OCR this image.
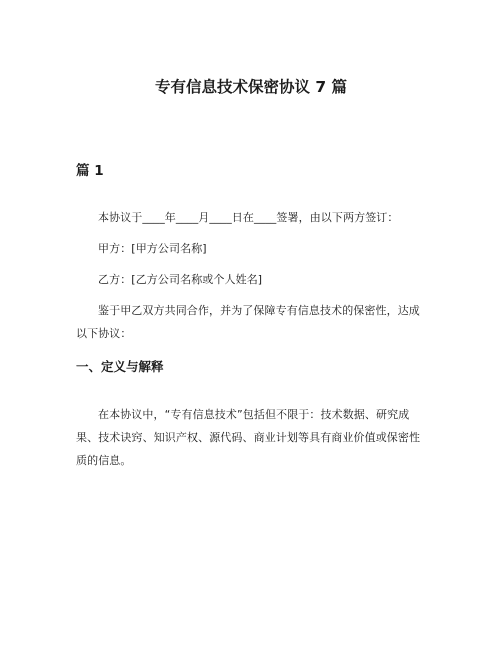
专有信息技术保密协议 7 篇
篇 1

本协议于____年____月____日在____签署，由以下两方签订：

甲方：[甲方公司名称]

乙方：[乙方公司名称或个人姓名]

鉴于甲乙双方共同合作，并为了保障专有信息技术的保密性，达成以下协议：

一、定义与解释

在本协议中，“专有信息技术”包括但不限于：技术数据、研究成果、技术诀窍、知识产权、源代码、商业计划等具有商业价值或保密性质的信息。
